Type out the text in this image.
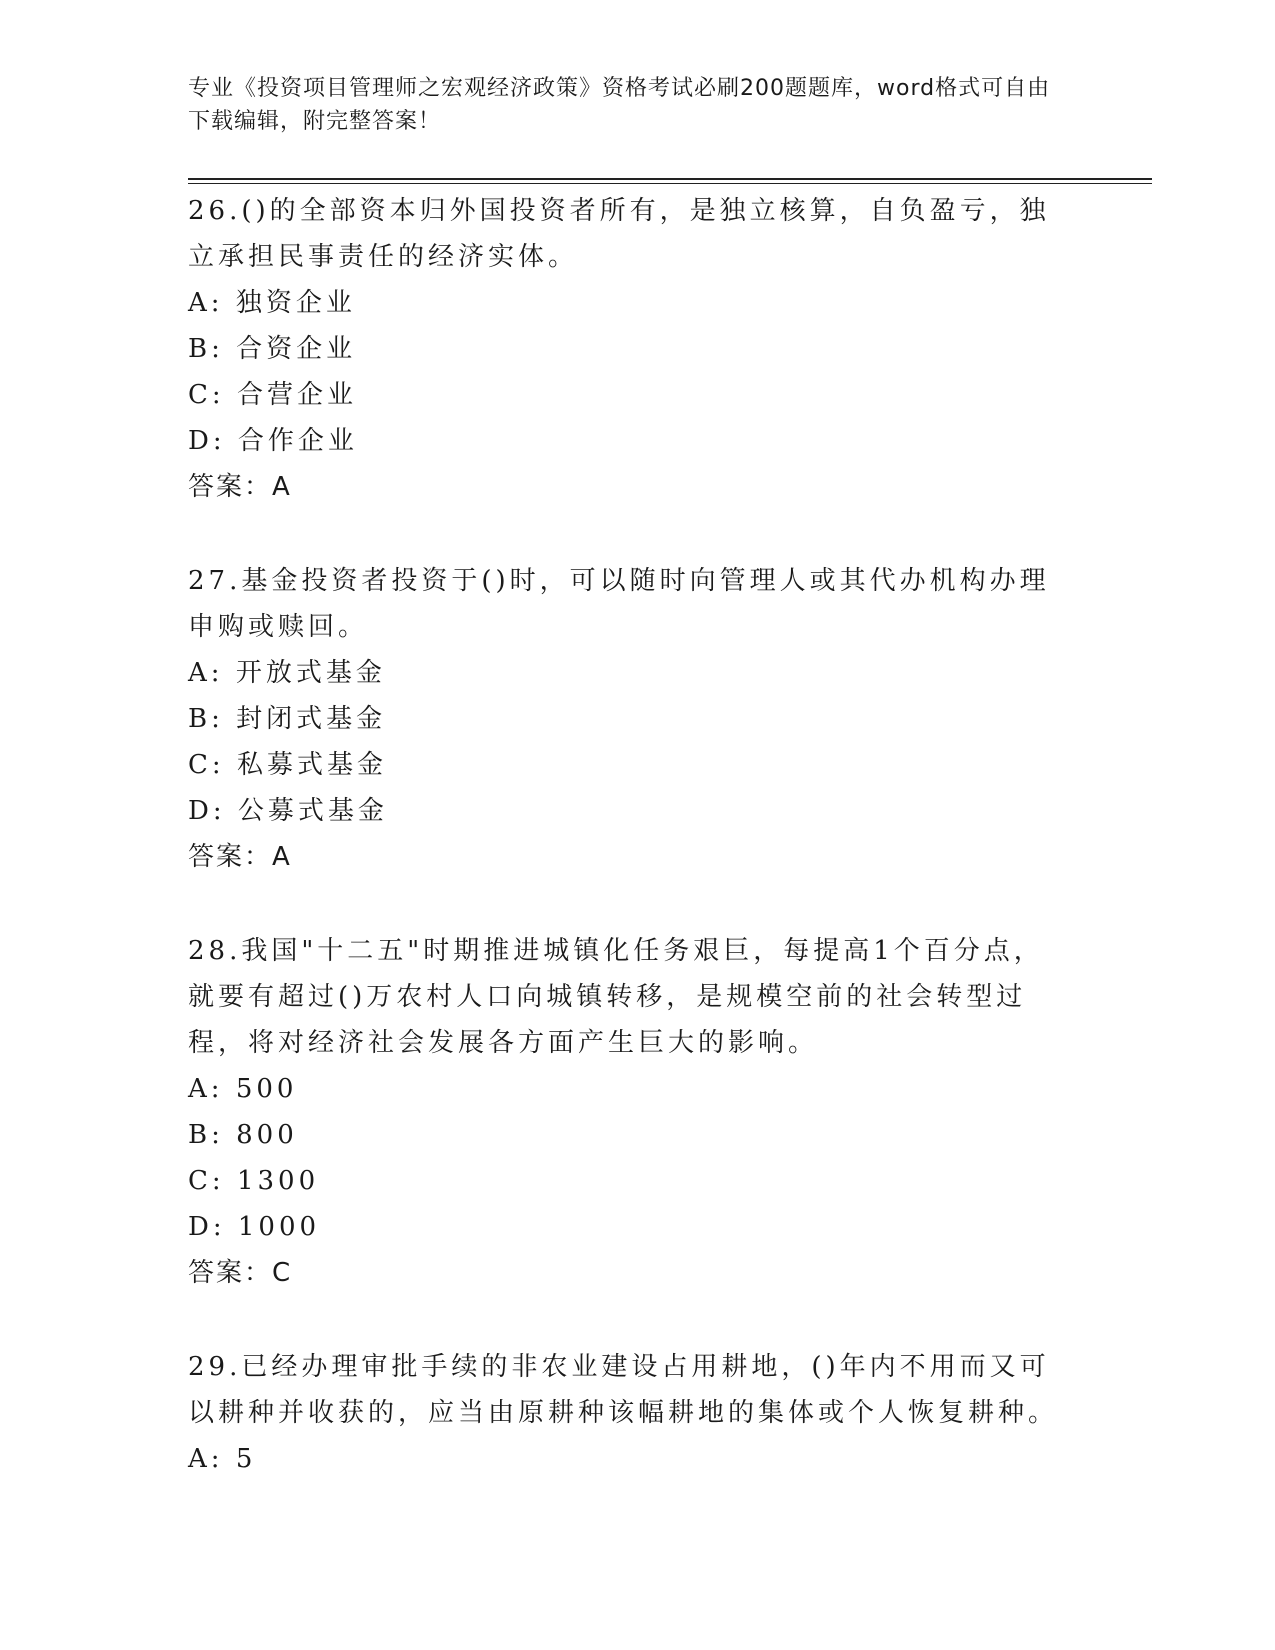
专业《投资项目管理师之宏观经济政策》资格考试必刷200题题库，word格式可自由下载编辑，附完整答案！

26.()的全部资本归外国投资者所有，是独立核算，自负盈亏，独立承担民事责任的经济实体。

A: 独资企业

B: 合资企业

C: 合营企业

D: 合作企业

答案：A

27.基金投资者投资于()时，可以随时向管理人或其代办机构办理申购或赎回。

A: 开放式基金

B: 封闭式基金

C: 私募式基金

D: 公募式基金

答案：A

28.我国"十二五"时期推进城镇化任务艰巨，每提高1个百分点，就要有超过()万农村人口向城镇转移，是规模空前的社会转型过程，将对经济社会发展各方面产生巨大的影响。

A: 500

B: 800

C: 1300

D: 1000

答案：C

29.已经办理审批手续的非农业建设占用耕地，()年内不用而又可以耕种并收获的，应当由原耕种该幅耕地的集体或个人恢复耕种。

A: 5
